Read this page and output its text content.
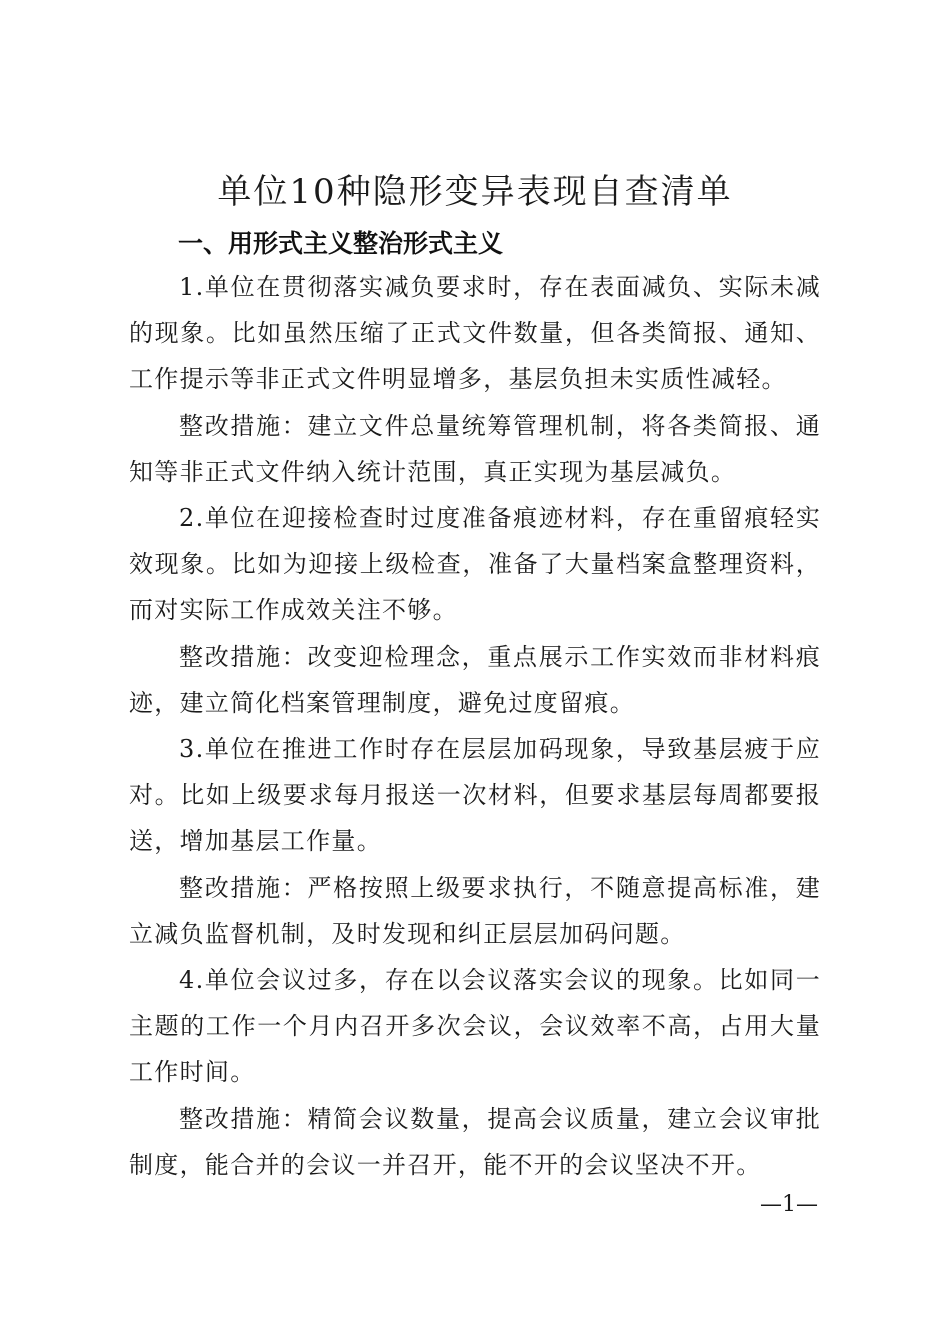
单位10种隐形变异表现自查清单
一、用形式主义整治形式主义

1.单位在贯彻落实减负要求时，存在表面减负、实际未减的现象。比如虽然压缩了正式文件数量，但各类简报、通知、工作提示等非正式文件明显增多，基层负担未实质性减轻。

整改措施：建立文件总量统筹管理机制，将各类简报、通知等非正式文件纳入统计范围，真正实现为基层减负。

2.单位在迎接检查时过度准备痕迹材料，存在重留痕轻实效现象。比如为迎接上级检查，准备了大量档案盒整理资料，而对实际工作成效关注不够。

整改措施：改变迎检理念，重点展示工作实效而非材料痕迹，建立简化档案管理制度，避免过度留痕。

3.单位在推进工作时存在层层加码现象，导致基层疲于应对。比如上级要求每月报送一次材料，但要求基层每周都要报送，增加基层工作量。

整改措施：严格按照上级要求执行，不随意提高标准，建立减负监督机制，及时发现和纠正层层加码问题。

4.单位会议过多，存在以会议落实会议的现象。比如同一主题的工作一个月内召开多次会议，会议效率不高，占用大量工作时间。

整改措施：精简会议数量，提高会议质量，建立会议审批制度，能合并的会议一并召开，能不开的会议坚决不开。

—1—
